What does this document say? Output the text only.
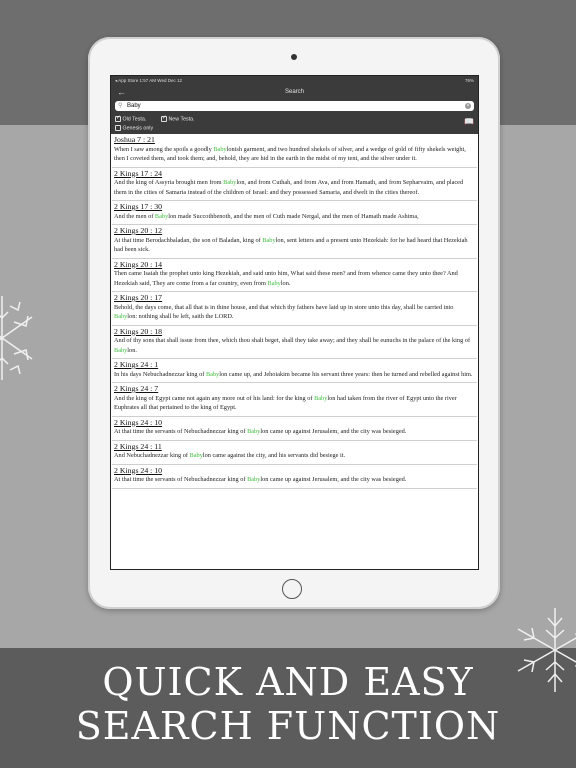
◂ App Store 1:57 AM Wed Dec 12	76%
←	Search
⚲ Baby	×
✓ Old Testa.
✓	New Testa.
Genesis only
📖
Joshua 7 : 21
When I saw among the spoils a goodly Babylonish garment, and two hundred shekels of silver, and a wedge of gold of fifty shekels weight, then I coveted them, and took them; and, behold, they are hid in the earth in the midst of my tent, and the silver under it.
2 Kings 17 : 24
And the king of Assyria brought men from Babylon, and from Cuthah, and from Ava, and from Hamath, and from Sepharvaim, and placed them in the cities of Samaria instead of the children of Israel: and they possessed Samaria, and dwelt in the cities thereof.
2 Kings 17 : 30
And the men of Babylon made Succothbenoth, and the men of Cuth made Nergal, and the men of Hamath made Ashima,
2 Kings 20 : 12
At that time Berodachbaladan, the son of Baladan, king of Babylon, sent letters and a present unto Hezekiah: for he had heard that Hezekiah had been sick.
2 Kings 20 : 14
Then came Isaiah the prophet unto king Hezekiah, and said unto him, What said these men? and from whence came they unto thee? And Hezekiah said, They are come from a far country, even from Babylon.
2 Kings 20 : 17
Behold, the days come, that all that is in thine house, and that which thy fathers have laid up in store unto this day, shall be carried into Babylon: nothing shall be left, saith the LORD.
2 Kings 20 : 18
And of thy sons that shall issue from thee, which thou shalt beget, shall they take away; and they shall be eunuchs in the palace of the king of Babylon.
2 Kings 24 : 1
In his days Nebuchadnezzar king of Babylon came up, and Jehoiakim became his servant three years: then he turned and rebelled against him.
2 Kings 24 : 7
And the king of Egypt came not again any more out of his land: for the king of Babylon had taken from the river of Egypt unto the river Euphrates all that pertained to the king of Egypt.
2 Kings 24 : 10
At that time the servants of Nebuchadnezzar king of Babylon came up against Jerusalem, and the city was besieged.
2 Kings 24 : 11
And Nebuchadnezzar king of Babylon came against the city, and his servants did besiege it.
2 Kings 24 : 10
At that time the servants of Nebuchadnezzar king of Babylon came up against Jerusalem, and the city was besieged.
QUICK AND EASY
SEARCH FUNCTION
